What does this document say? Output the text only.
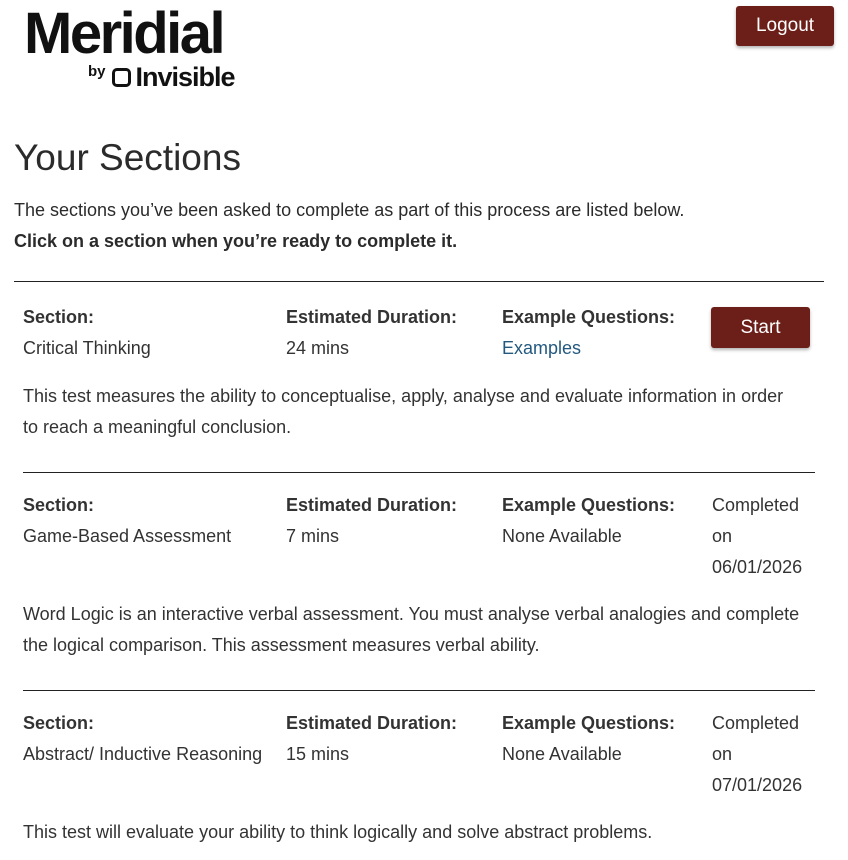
Meridial
by Invisible
Logout
Your Sections
The sections you’ve been asked to complete as part of this process are listed below.
Click on a section when you’re ready to complete it.
Section:
Critical Thinking
Estimated Duration:
24 mins
Example Questions:
Examples
Start
This test measures the ability to conceptualise, apply, analyse and evaluate information in order to reach a meaningful conclusion.
Section:
Game-Based Assessment
Estimated Duration:
7 mins
Example Questions:
None Available
Completed
on
06/01/2026
Word Logic is an interactive verbal assessment. You must analyse verbal analogies and complete the logical comparison. This assessment measures verbal ability.
Section:
Abstract/ Inductive Reasoning
Estimated Duration:
15 mins
Example Questions:
None Available
Completed
on
07/01/2026
This test will evaluate your ability to think logically and solve abstract problems.
